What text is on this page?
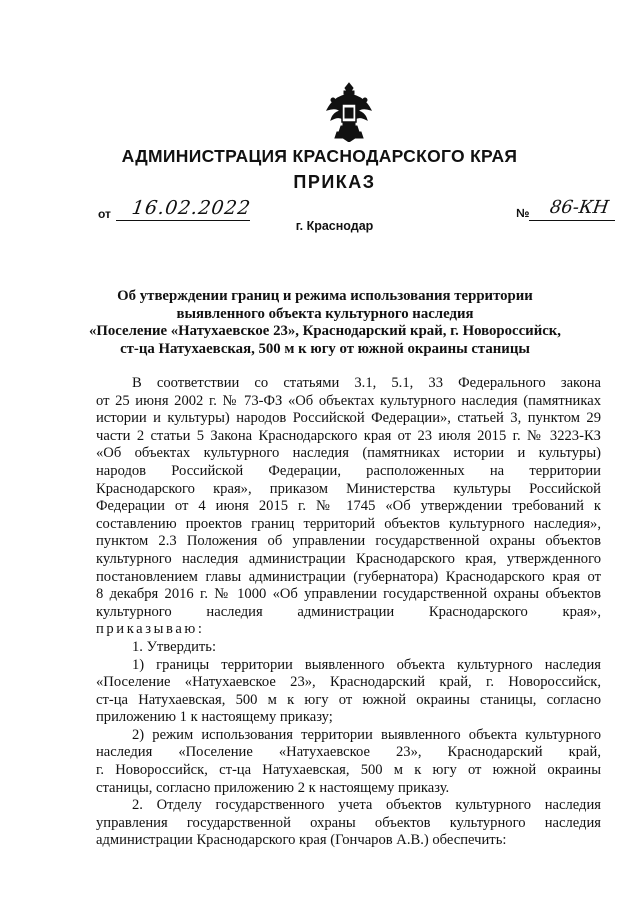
АДМИНИСТРАЦИЯ КРАСНОДАРСКОГО КРАЯ
ПРИКАЗ
от 16.02.2022
г. Краснодар
№ 86-КН
Об утверждении границ и режима использования территории
выявленного объекта культурного наследия
«Поселение «Натухаевское 23», Краснодарский край, г. Новороссийск,
ст-ца Натухаевская, 500 м к югу от южной окраины станицы
В соответствии со статьями 3.1, 5.1, 33 Федерального закона
от 25 июня 2002 г. № 73-ФЗ «Об объектах культурного наследия (памятниках
истории и культуры) народов Российской Федерации», статьей 3, пунктом 29
части 2 статьи 5 Закона Краснодарского края от 23 июля 2015 г. № 3223-КЗ
«Об объектах культурного наследия (памятниках истории и культуры)
народов Российской Федерации, расположенных на территории
Краснодарского края», приказом Министерства культуры Российской
Федерации от 4 июня 2015 г. № 1745 «Об утверждении требований к
составлению проектов границ территорий объектов культурного наследия»,
пунктом 2.3 Положения об управлении государственной охраны объектов
культурного наследия администрации Краснодарского края, утвержденного
постановлением главы администрации (губернатора) Краснодарского края от
8 декабря 2016 г. № 1000 «Об управлении государственной охраны объектов
культурного наследия администрации Краснодарского края»,
приказываю:
1. Утвердить:
1) границы территории выявленного объекта культурного наследия
«Поселение «Натухаевское 23», Краснодарский край, г. Новороссийск,
ст-ца Натухаевская, 500 м к югу от южной окраины станицы, согласно
приложению 1 к настоящему приказу;
2) режим использования территории выявленного объекта культурного
наследия «Поселение «Натухаевское 23», Краснодарский край,
г. Новороссийск, ст-ца Натухаевская, 500 м к югу от южной окраины
станицы, согласно приложению 2 к настоящему приказу.
2. Отделу государственного учета объектов культурного наследия
управления государственной охраны объектов культурного наследия
администрации Краснодарского края (Гончаров А.В.) обеспечить:
